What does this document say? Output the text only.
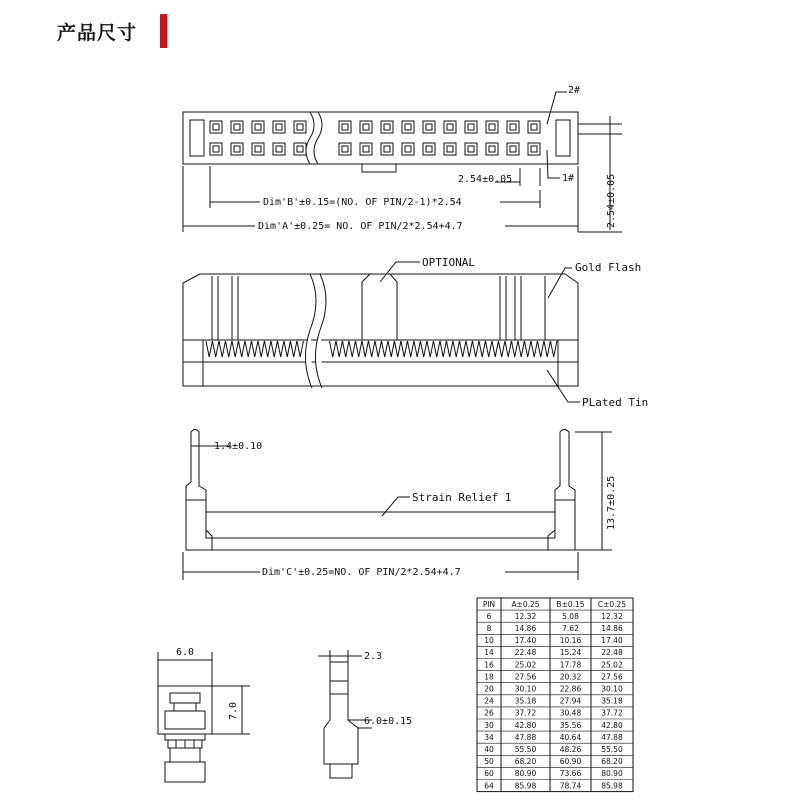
产品尺寸
PIN A±0.25 B±0.15 C±0.25
6	12.32	5.08	12.32
8	14.86	7.62	14.86
10	17.40	10.16	17.40
14	22.48	15.24	22.48
16	25.02	17.78	25.02
18	27.56	20.32	27.56
20	30.10	22.86	30.10
24	35.18	27.94	35.18
26	37.72	30.48	37.72
30	42.80	35.56	42.80
34	47.88	40.64	47.88
40	55.50	48.26	55.50
50	68.20	60.90	68.20
60	80.90	73.66	80.90
64	85.98	78.74	85.98
2#
1#
2.54±0.05	2.54±0.05
Dim'B'±0.15=(NO. OF PIN/2-1)*2.54
Dim'A'±0.25= NO. OF PIN/2*2.54+4.7
OPTIONAL	Gold Flash
PLated Tin
1.4±0.10
13.7±0.25
Strain Relief 1
Dim'C'±0.25=NO. OF PIN/2*2.54+4.7
6.0
7.0
2.3
6.0±0.15
